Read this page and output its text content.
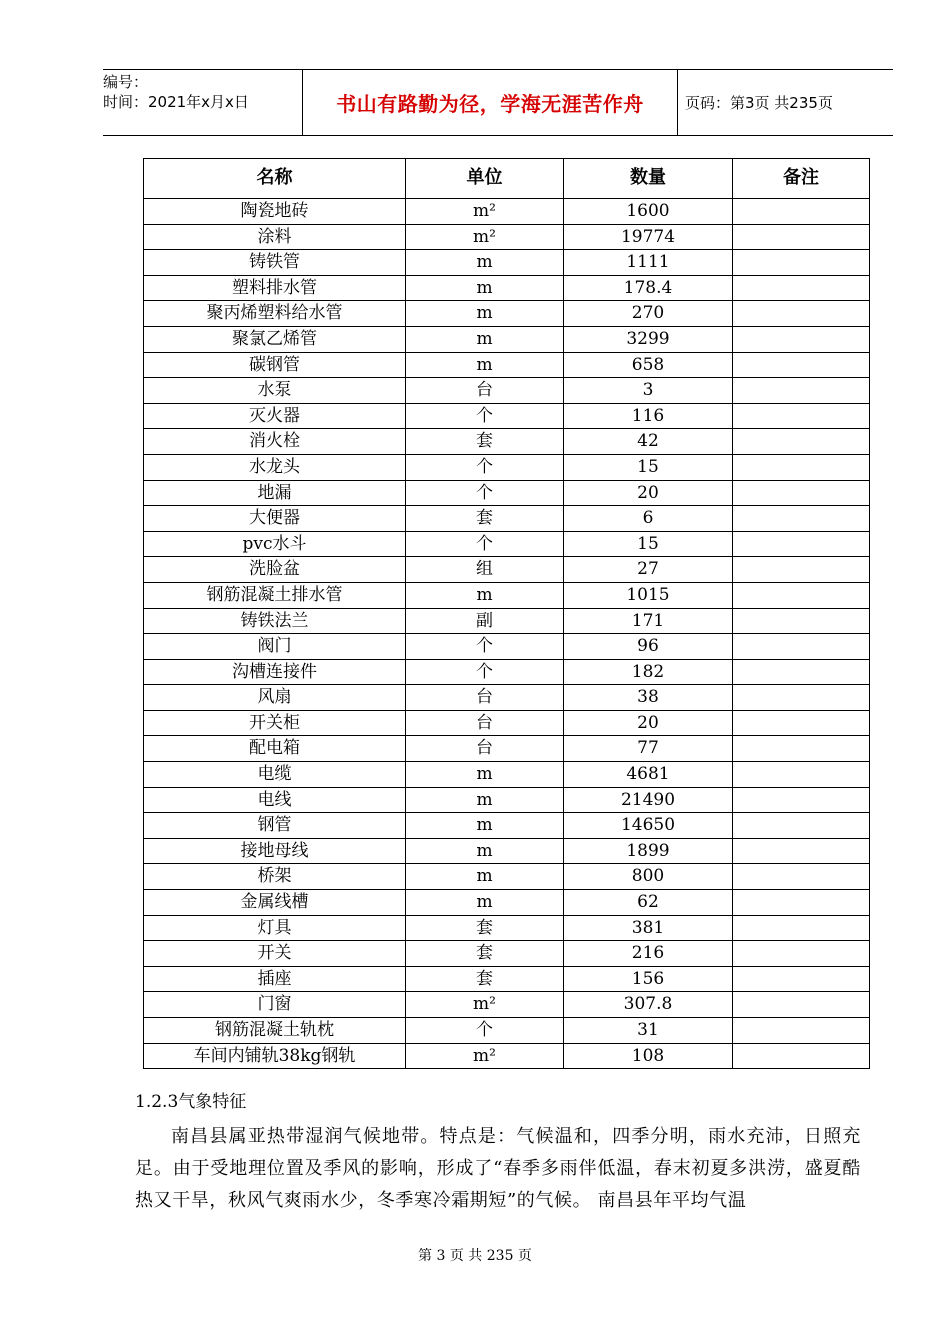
编号：
时间：2021年x月x日	书山有路勤为径，学海无涯苦作舟	页码：第3页 共235页
名称	单位	数量	备注
陶瓷地砖	m²	1600	
涂料	m²	19774	
铸铁管	m	1111	
塑料排水管	m	178.4	
聚丙烯塑料给水管	m	270	
聚氯乙烯管	m	3299	
碳钢管	m	658	
水泵	台	3	
灭火器	个	116	
消火栓	套	42	
水龙头	个	15	
地漏	个	20	
大便器	套	6	
pvc水斗	个	15	
洗脸盆	组	27	
钢筋混凝土排水管	m	1015	
铸铁法兰	副	171	
阀门	个	96	
沟槽连接件	个	182	
风扇	台	38	
开关柜	台	20	
配电箱	台	77	
电缆	m	4681	
电线	m	21490	
钢管	m	14650	
接地母线	m	1899	
桥架	m	800	
金属线槽	m	62	
灯具	套	381	
开关	套	216	
插座	套	156	
门窗	m²	307.8	
钢筋混凝土轨枕	个	31	
车间内铺轨38kg钢轨	m²	108	
1.2.3气象特征
南昌县属亚热带湿润气候地带。特点是：气候温和，四季分明，雨水充沛，日照充足。由于受地理位置及季风的影响，形成了“春季多雨伴低温，春末初夏多洪涝，盛夏酷热又干旱，秋风气爽雨水少，冬季寒冷霜期短”的气候。 南昌县年平均气温
第 3 页 共 235 页
